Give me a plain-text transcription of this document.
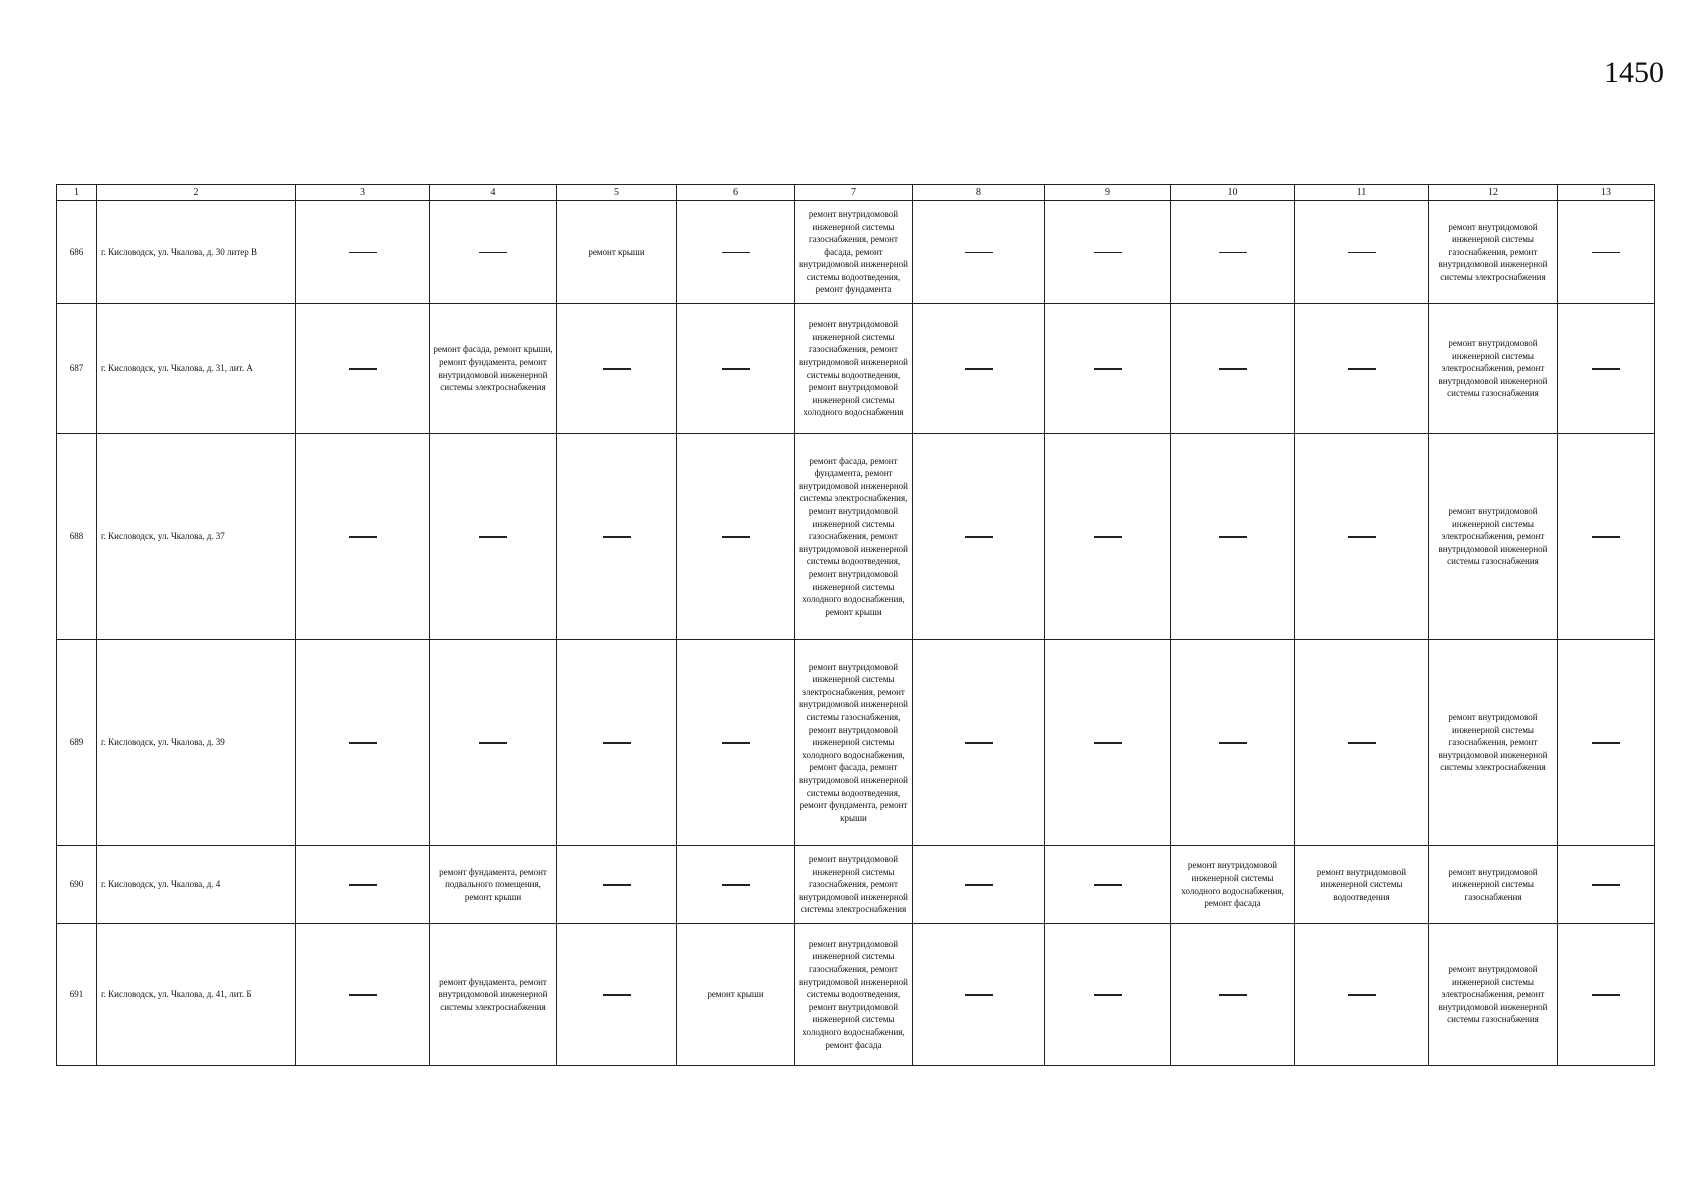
1450
1	2	3	4	5	6	7	8	9	10	11	12	13
686	г. Кисловодск, ул. Чкалова, д. 30 литер В			ремонт крыши		ремонт внутридомовой инженерной системы газоснабжения, ремонт фасада, ремонт внутридомовой инженерной системы водоотведения, ремонт фундамента					ремонт внутридомовой инженерной системы газоснабжения, ремонт внутридомовой инженерной системы электроснабжения	
687	г. Кисловодск, ул. Чкалова, д. 31, лит. А		ремонт фасада, ремонт крыши, ремонт фундамента, ремонт внутридомовой инженерной системы электроснабжения			ремонт внутридомовой инженерной системы газоснабжения, ремонт внутридомовой инженерной системы водоотведения, ремонт внутридомовой инженерной системы холодного водоснабжения					ремонт внутридомовой инженерной системы электроснабжения, ремонт внутридомовой инженерной системы газоснабжения	
688	г. Кисловодск, ул. Чкалова, д. 37					ремонт фасада, ремонт фундамента, ремонт внутридомовой инженерной системы электроснабжения, ремонт внутридомовой инженерной системы газоснабжения, ремонт внутридомовой инженерной системы водоотведения, ремонт внутридомовой инженерной системы холодного водоснабжения, ремонт крыши					ремонт внутридомовой инженерной системы электроснабжения, ремонт внутридомовой инженерной системы газоснабжения	
689	г. Кисловодск, ул. Чкалова, д. 39					ремонт внутридомовой инженерной системы электроснабжения, ремонт внутридомовой инженерной системы газоснабжения, ремонт внутридомовой инженерной системы холодного водоснабжения, ремонт фасада, ремонт внутридомовой инженерной системы водоотведения, ремонт фундамента, ремонт крыши					ремонт внутридомовой инженерной системы газоснабжения, ремонт внутридомовой инженерной системы электроснабжения	
690	г. Кисловодск, ул. Чкалова, д. 4		ремонт фундамента, ремонт подвального помещения, ремонт крыши			ремонт внутридомовой инженерной системы газоснабжения, ремонт внутридомовой инженерной системы электроснабжения			ремонт внутридомовой инженерной системы холодного водоснабжения, ремонт фасада	ремонт внутридомовой инженерной системы водоотведения	ремонт внутридомовой инженерной системы газоснабжения	
691	г. Кисловодск, ул. Чкалова, д. 41, лит. Б		ремонт фундамента, ремонт внутридомовой инженерной системы электроснабжения		ремонт крыши	ремонт внутридомовой инженерной системы газоснабжения, ремонт внутридомовой инженерной системы водоотведения, ремонт внутридомовой инженерной системы холодного водоснабжения, ремонт фасада					ремонт внутридомовой инженерной системы электроснабжения, ремонт внутридомовой инженерной системы газоснабжения	
